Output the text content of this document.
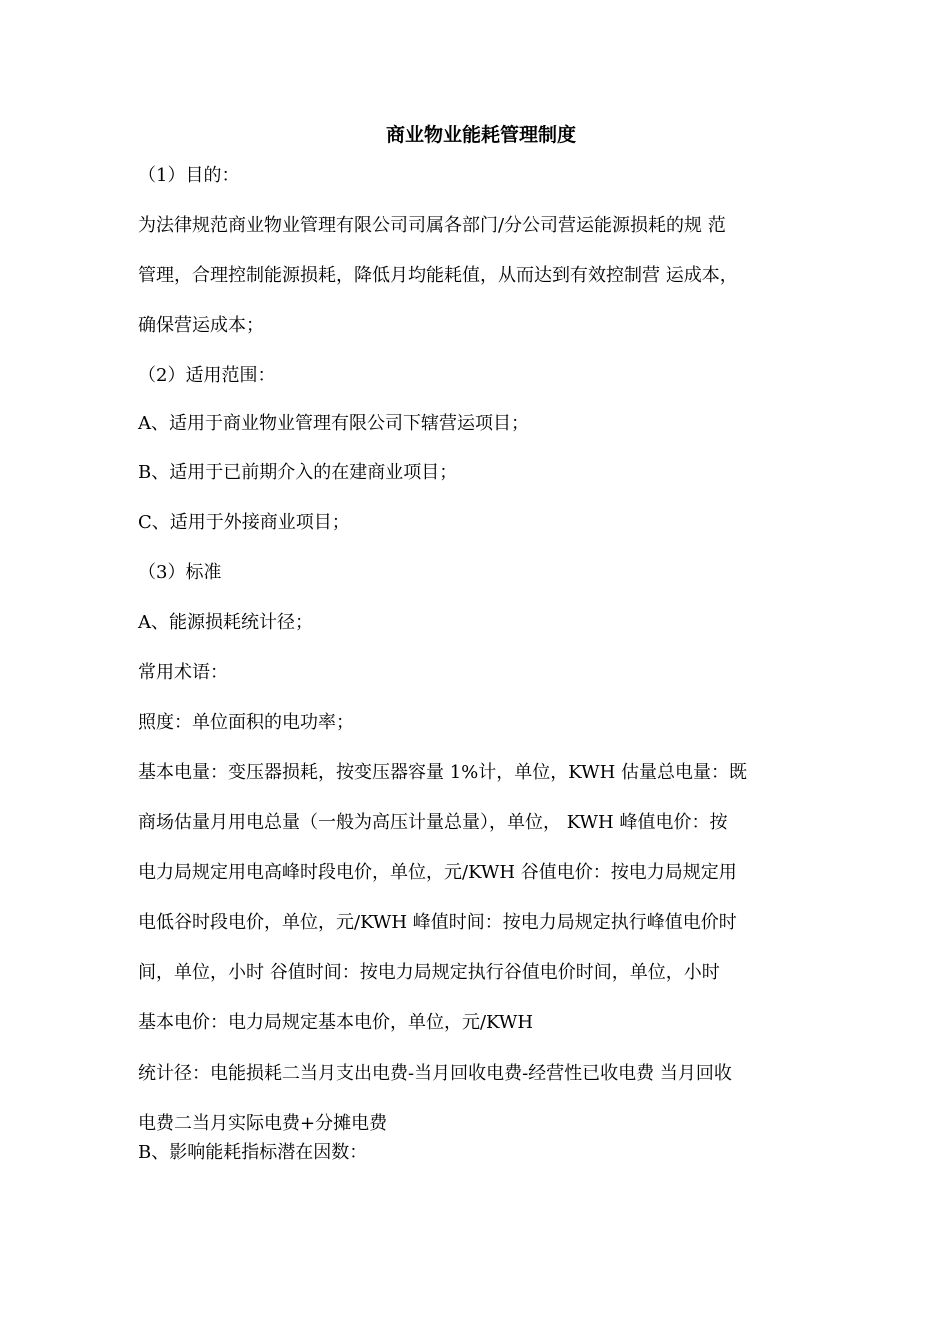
商业物业能耗管理制度

（1）目的：

为法律规范商业物业管理有限公司司属各部门/分公司营运能源损耗的规 范

管理，合理控制能源损耗，降低月均能耗值，从而达到有效控制营 运成本，

确保营运成本；

（2）适用范围：

A、适用于商业物业管理有限公司下辖营运项目；

B、适用于已前期介入的在建商业项目；

C、适用于外接商业项目；

（3）标准

A、能源损耗统计径；

常用术语：

照度：单位面积的电功率；

基本电量：变压器损耗，按变压器容量 1%计，单位，KWH 估量总电量：既

商场估量月用电总量（一般为高压计量总量），单位， KWH 峰值电价：按

电力局规定用电高峰时段电价，单位，元/KWH 谷值电价：按电力局规定用

电低谷时段电价，单位，元/KWH 峰值时间：按电力局规定执行峰值电价时

间，单位，小时 谷值时间：按电力局规定执行谷值电价时间，单位，小时

基本电价：电力局规定基本电价，单位，元/KWH

统计径：电能损耗二当月支出电费-当月回收电费-经营性已收电费 当月回收

电费二当月实际电费+分摊电费

B、影响能耗指标潜在因数：
